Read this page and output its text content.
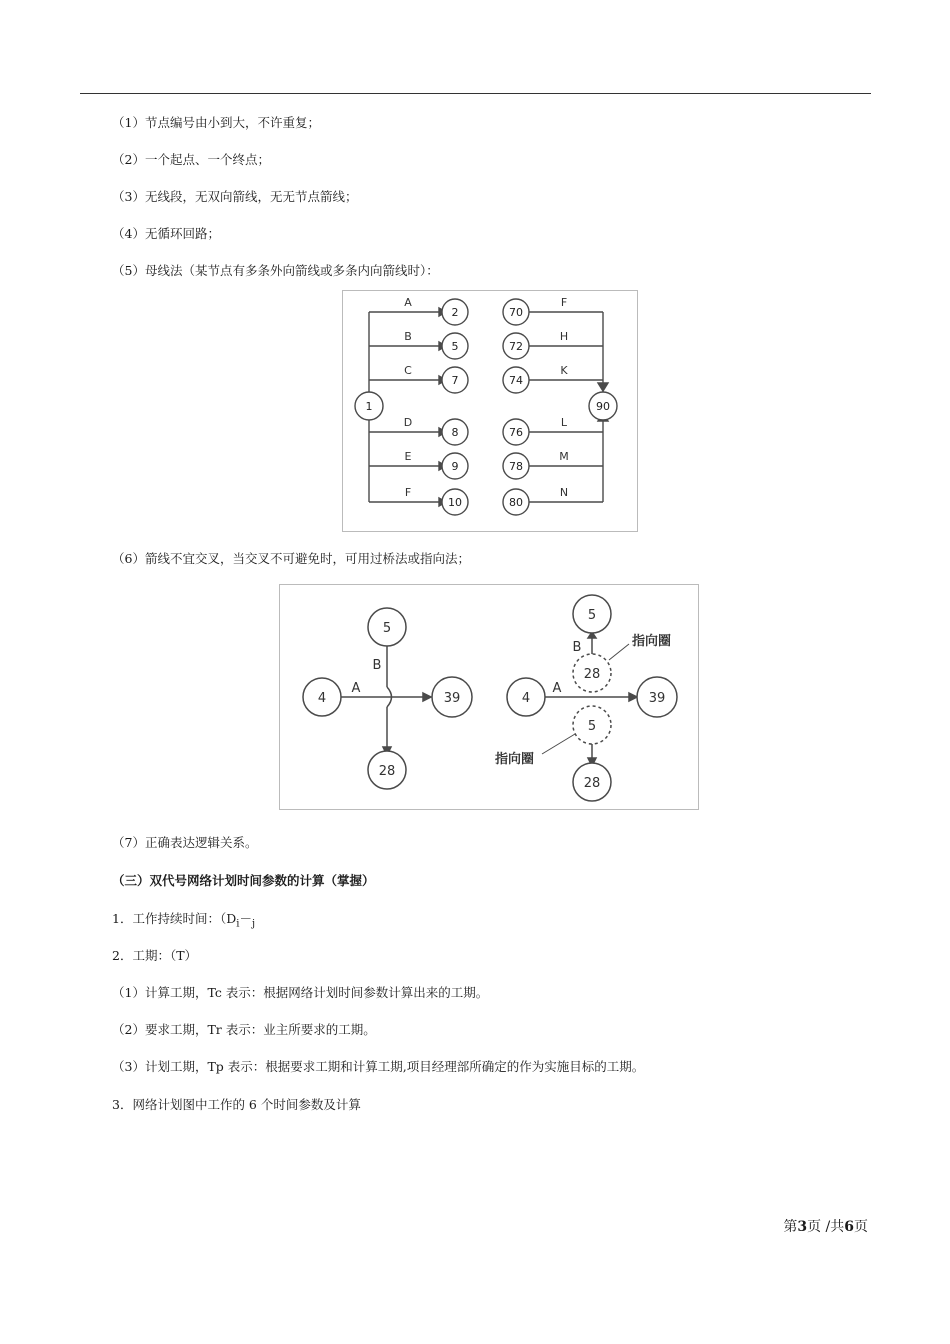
（1）节点编号由小到大，不许重复；
（2）一个起点、一个终点；
（3）无线段，无双向箭线，无无节点箭线；
（4）无循环回路；
（5）母线法（某节点有多条外向箭线或多条内向箭线时）：
1
2
5
7
8
9
10
A
B
C
D
E
F
70
72
74
76
78
80
90
F
H
K
L
M
N
（6）箭线不宜交叉，当交叉不可避免时，可用过桥法或指向法；
5
4	39
28
A
B
5
28
4	39
5
28
A
B	指向圈
指向圈
（7）正确表达逻辑关系。
（三）双代号网络计划时间参数的计算（掌握）
1．工作持续时间：（$D_i-_j$
2．工期：（T）
（1）计算工期，Tc 表示：根据网络计划时间参数计算出来的工期。
（2）要求工期，Tr 表示：业主所要求的工期。
（3）计划工期，Tp 表示：根据要求工期和计算工期,项目经理部所确定的作为实施目标的工期。
3．网络计划图中工作的 6 个时间参数及计算
第3页 /共6页
